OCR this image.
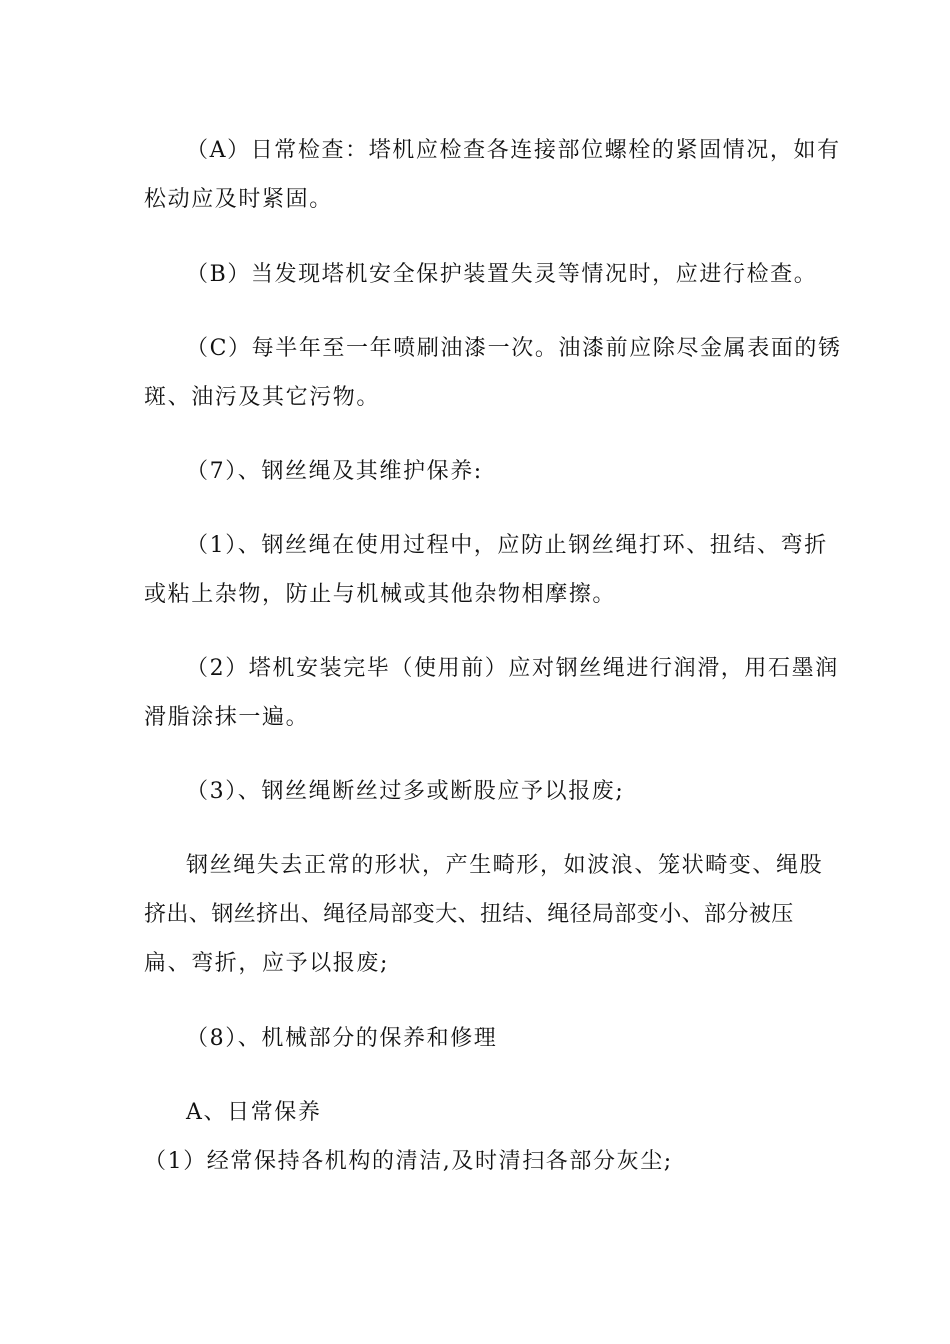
（A）日常检查：塔机应检查各连接部位螺栓的紧固情况，如有
松动应及时紧固。
（B）当发现塔机安全保护装置失灵等情况时，应进行检查。
（C）每半年至一年喷刷油漆一次。油漆前应除尽金属表面的锈
斑、油污及其它污物。
（7）、钢丝绳及其维护保养:
（1）、钢丝绳在使用过程中，应防止钢丝绳打环、扭结、弯折
或粘上杂物，防止与机械或其他杂物相摩擦。
（2）塔机安装完毕（使用前）应对钢丝绳进行润滑，用石墨润
滑脂涂抹一遍。
（3）、钢丝绳断丝过多或断股应予以报废;
钢丝绳失去正常的形状，产生畸形，如波浪、笼状畸变、绳股
挤出、钢丝挤出、绳径局部变大、扭结、绳径局部变小、部分被压
扁、弯折，应予以报废;
（8）、机械部分的保养和修理
A、日常保养
（1）经常保持各机构的清洁,及时清扫各部分灰尘;
